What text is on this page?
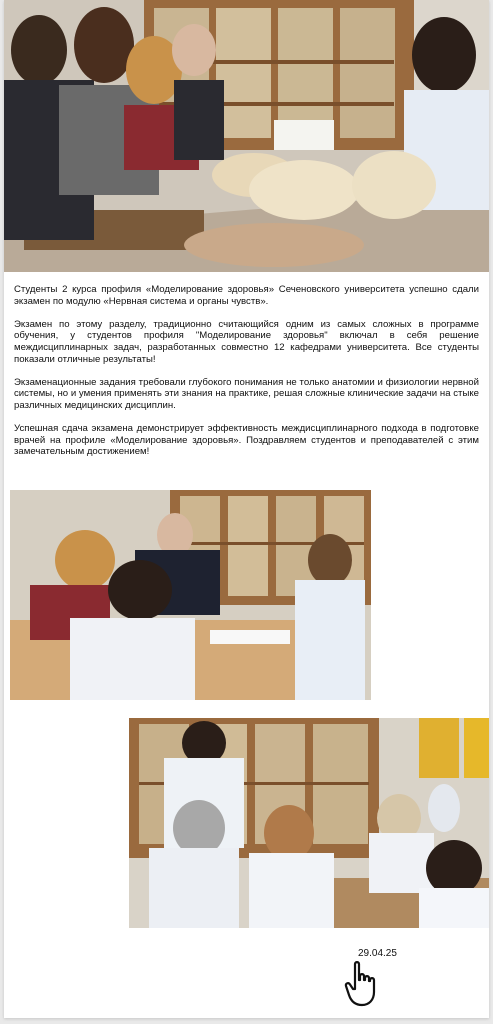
Студенты 2 курса профиля «Моделирование здоровья» Сеченовского университета успешно сдали экзамен по модулю «Нервная система и органы чувств».

Экзамен по этому разделу, традиционно считающийся одним из самых сложных в программе обучения, у студентов профиля "Моделирование здоровья" включал в себя решение междисциплинарных задач, разработанных совместно 12 кафедрами университета. Все студенты показали отличные результаты!

Экзаменационные задания требовали глубокого понимания не только анатомии и физиологии нервной системы, но и умения применять эти знания на практике, решая сложные клинические задачи на стыке различных медицинских дисциплин.

Успешная сдача экзамена демонстрирует эффективность междисциплинарного подхода в подготовке врачей на профиле «Моделирование здоровья». Поздравляем студентов и преподавателей с этим замечательным достижением!

29.04.25
